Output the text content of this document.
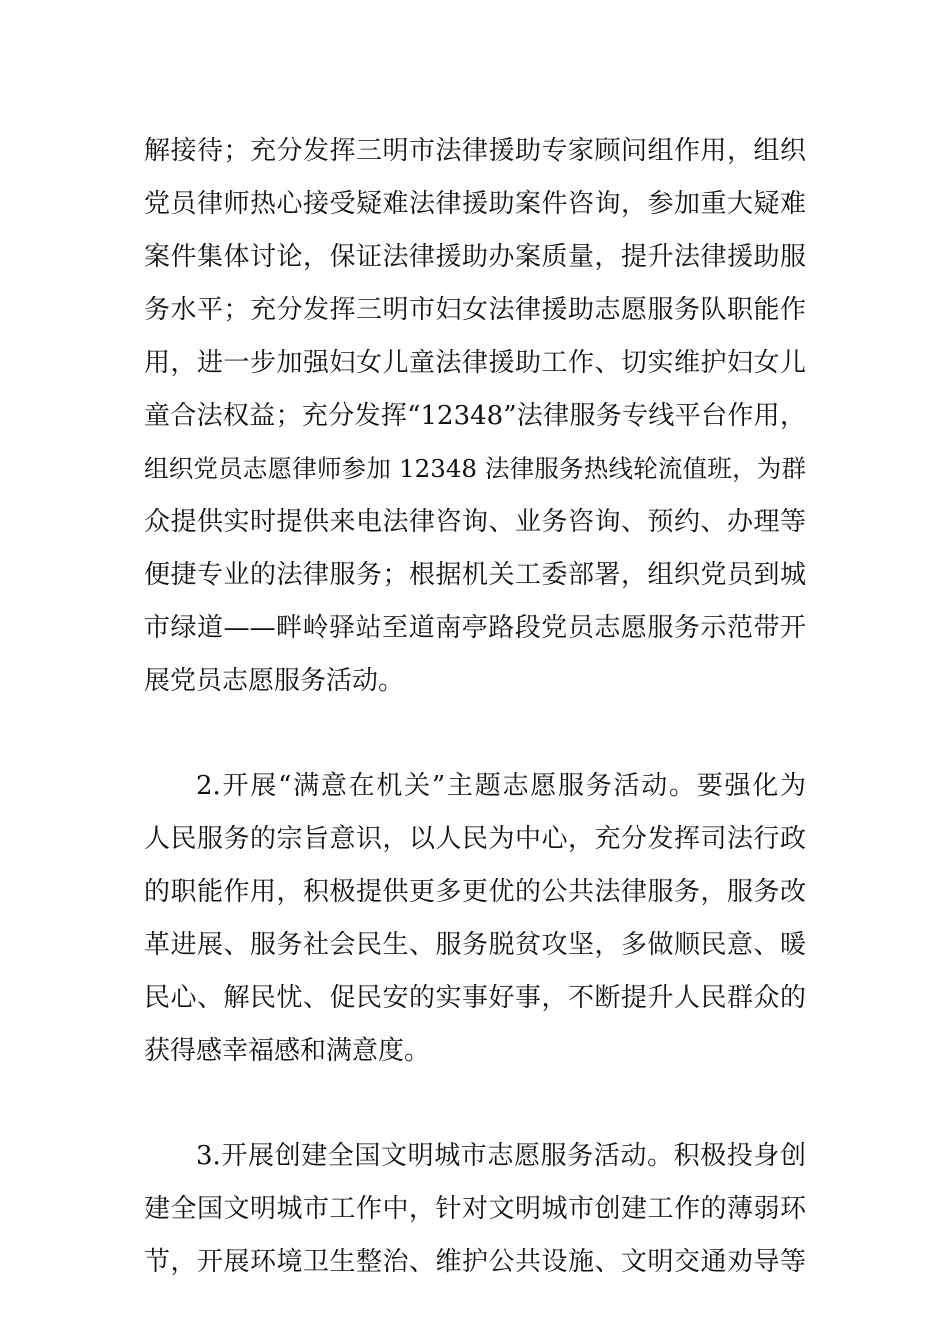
解接待；充分发挥三明市法律援助专家顾问组作用，组织
党员律师热心接受疑难法律援助案件咨询，参加重大疑难
案件集体讨论，保证法律援助办案质量，提升法律援助服
务水平；充分发挥三明市妇女法律援助志愿服务队职能作
用，进一步加强妇女儿童法律援助工作、切实维护妇女儿
童合法权益；充分发挥“12348”法律服务专线平台作用，
组织党员志愿律师参加 12348 法律服务热线轮流值班，为群
众提供实时提供来电法律咨询、业务咨询、预约、办理等
便捷专业的法律服务；根据机关工委部署，组织党员到城
市绿道——畔岭驿站至道南亭路段党员志愿服务示范带开
展党员志愿服务活动。
2.开展“满意在机关”主题志愿服务活动。要强化为
人民服务的宗旨意识，以人民为中心，充分发挥司法行政
的职能作用，积极提供更多更优的公共法律服务，服务改
革进展、服务社会民生、服务脱贫攻坚，多做顺民意、暖
民心、解民忧、促民安的实事好事，不断提升人民群众的
获得感幸福感和满意度。
3.开展创建全国文明城市志愿服务活动。积极投身创
建全国文明城市工作中，针对文明城市创建工作的薄弱环
节，开展环境卫生整治、维护公共设施、文明交通劝导等
